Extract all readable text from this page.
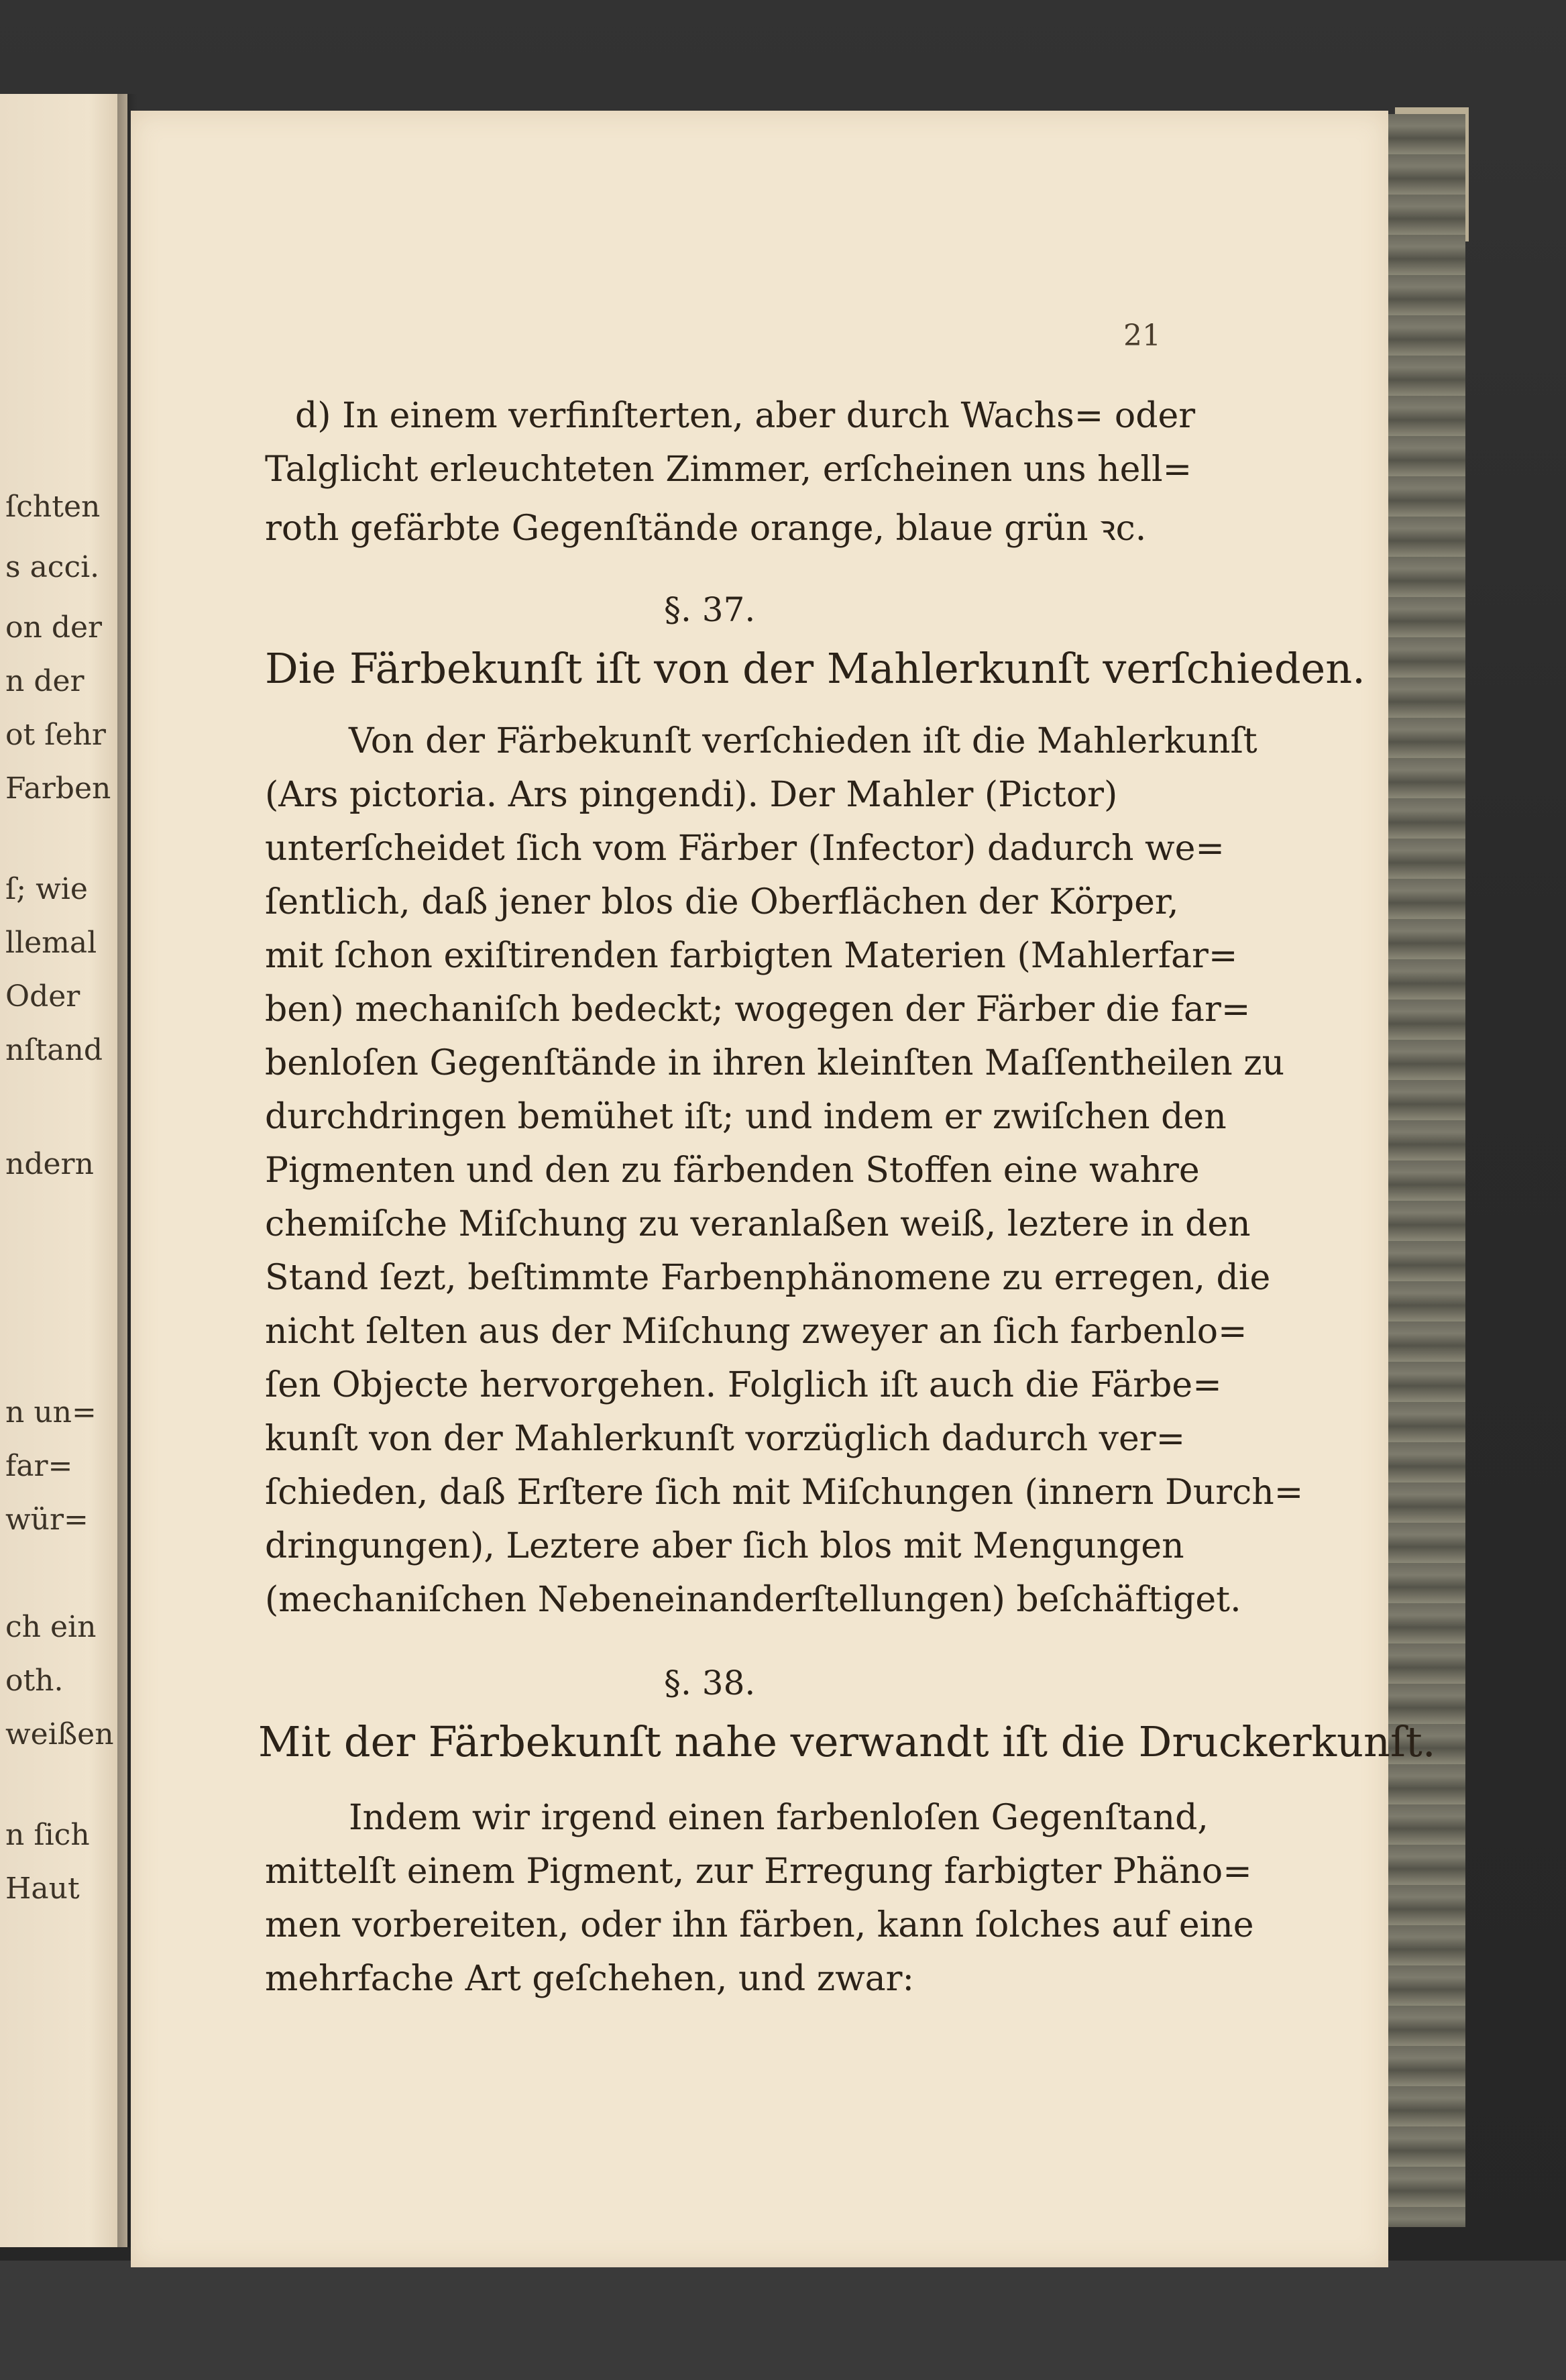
ſchten
s acci.
on der
n der
ot ſehr
Farben
ſ; wie
llemal
Oder
nſtand
ndern
n un=
far=
wür=
ch ein
oth.
weißen
n ſich
Haut
21
d) In einem verfinſterten, aber durch Wachs= oder
Talglicht erleuchteten Zimmer, erſcheinen uns hell=
roth gefärbte Gegenſtände orange, blaue grün ꝛc.
§. 37.
Die Färbekunſt iſt von der Mahlerkunſt verſchieden.
Von der Färbekunſt verſchieden iſt die Mahlerkunſt
(Ars pictoria. Ars pingendi). Der Mahler (Pictor)
unterſcheidet ſich vom Färber (Infector) dadurch we=
ſentlich, daß jener blos die Oberflächen der Körper,
mit ſchon exiſtirenden farbigten Materien (Mahlerfar=
ben) mechaniſch bedeckt; wogegen der Färber die far=
benloſen Gegenſtände in ihren kleinſten Maſſentheilen zu
durchdringen bemühet iſt; und indem er zwiſchen den
Pigmenten und den zu färbenden Stoffen eine wahre
chemiſche Miſchung zu veranlaßen weiß, leztere in den
Stand ſezt, beſtimmte Farbenphänomene zu erregen, die
nicht ſelten aus der Miſchung zweyer an ſich farbenlo=
ſen Objecte hervorgehen. Folglich iſt auch die Färbe=
kunſt von der Mahlerkunſt vorzüglich dadurch ver=
ſchieden, daß Erſtere ſich mit Miſchungen (innern Durch=
dringungen), Leztere aber ſich blos mit Mengungen
(mechaniſchen Nebeneinanderſtellungen) beſchäftiget.
§. 38.
Mit der Färbekunſt nahe verwandt iſt die Druckerkunſt.
Indem wir irgend einen farbenloſen Gegenſtand,
mittelſt einem Pigment, zur Erregung farbigter Phäno=
men vorbereiten, oder ihn färben, kann ſolches auf eine
mehrfache Art geſchehen, und zwar:
